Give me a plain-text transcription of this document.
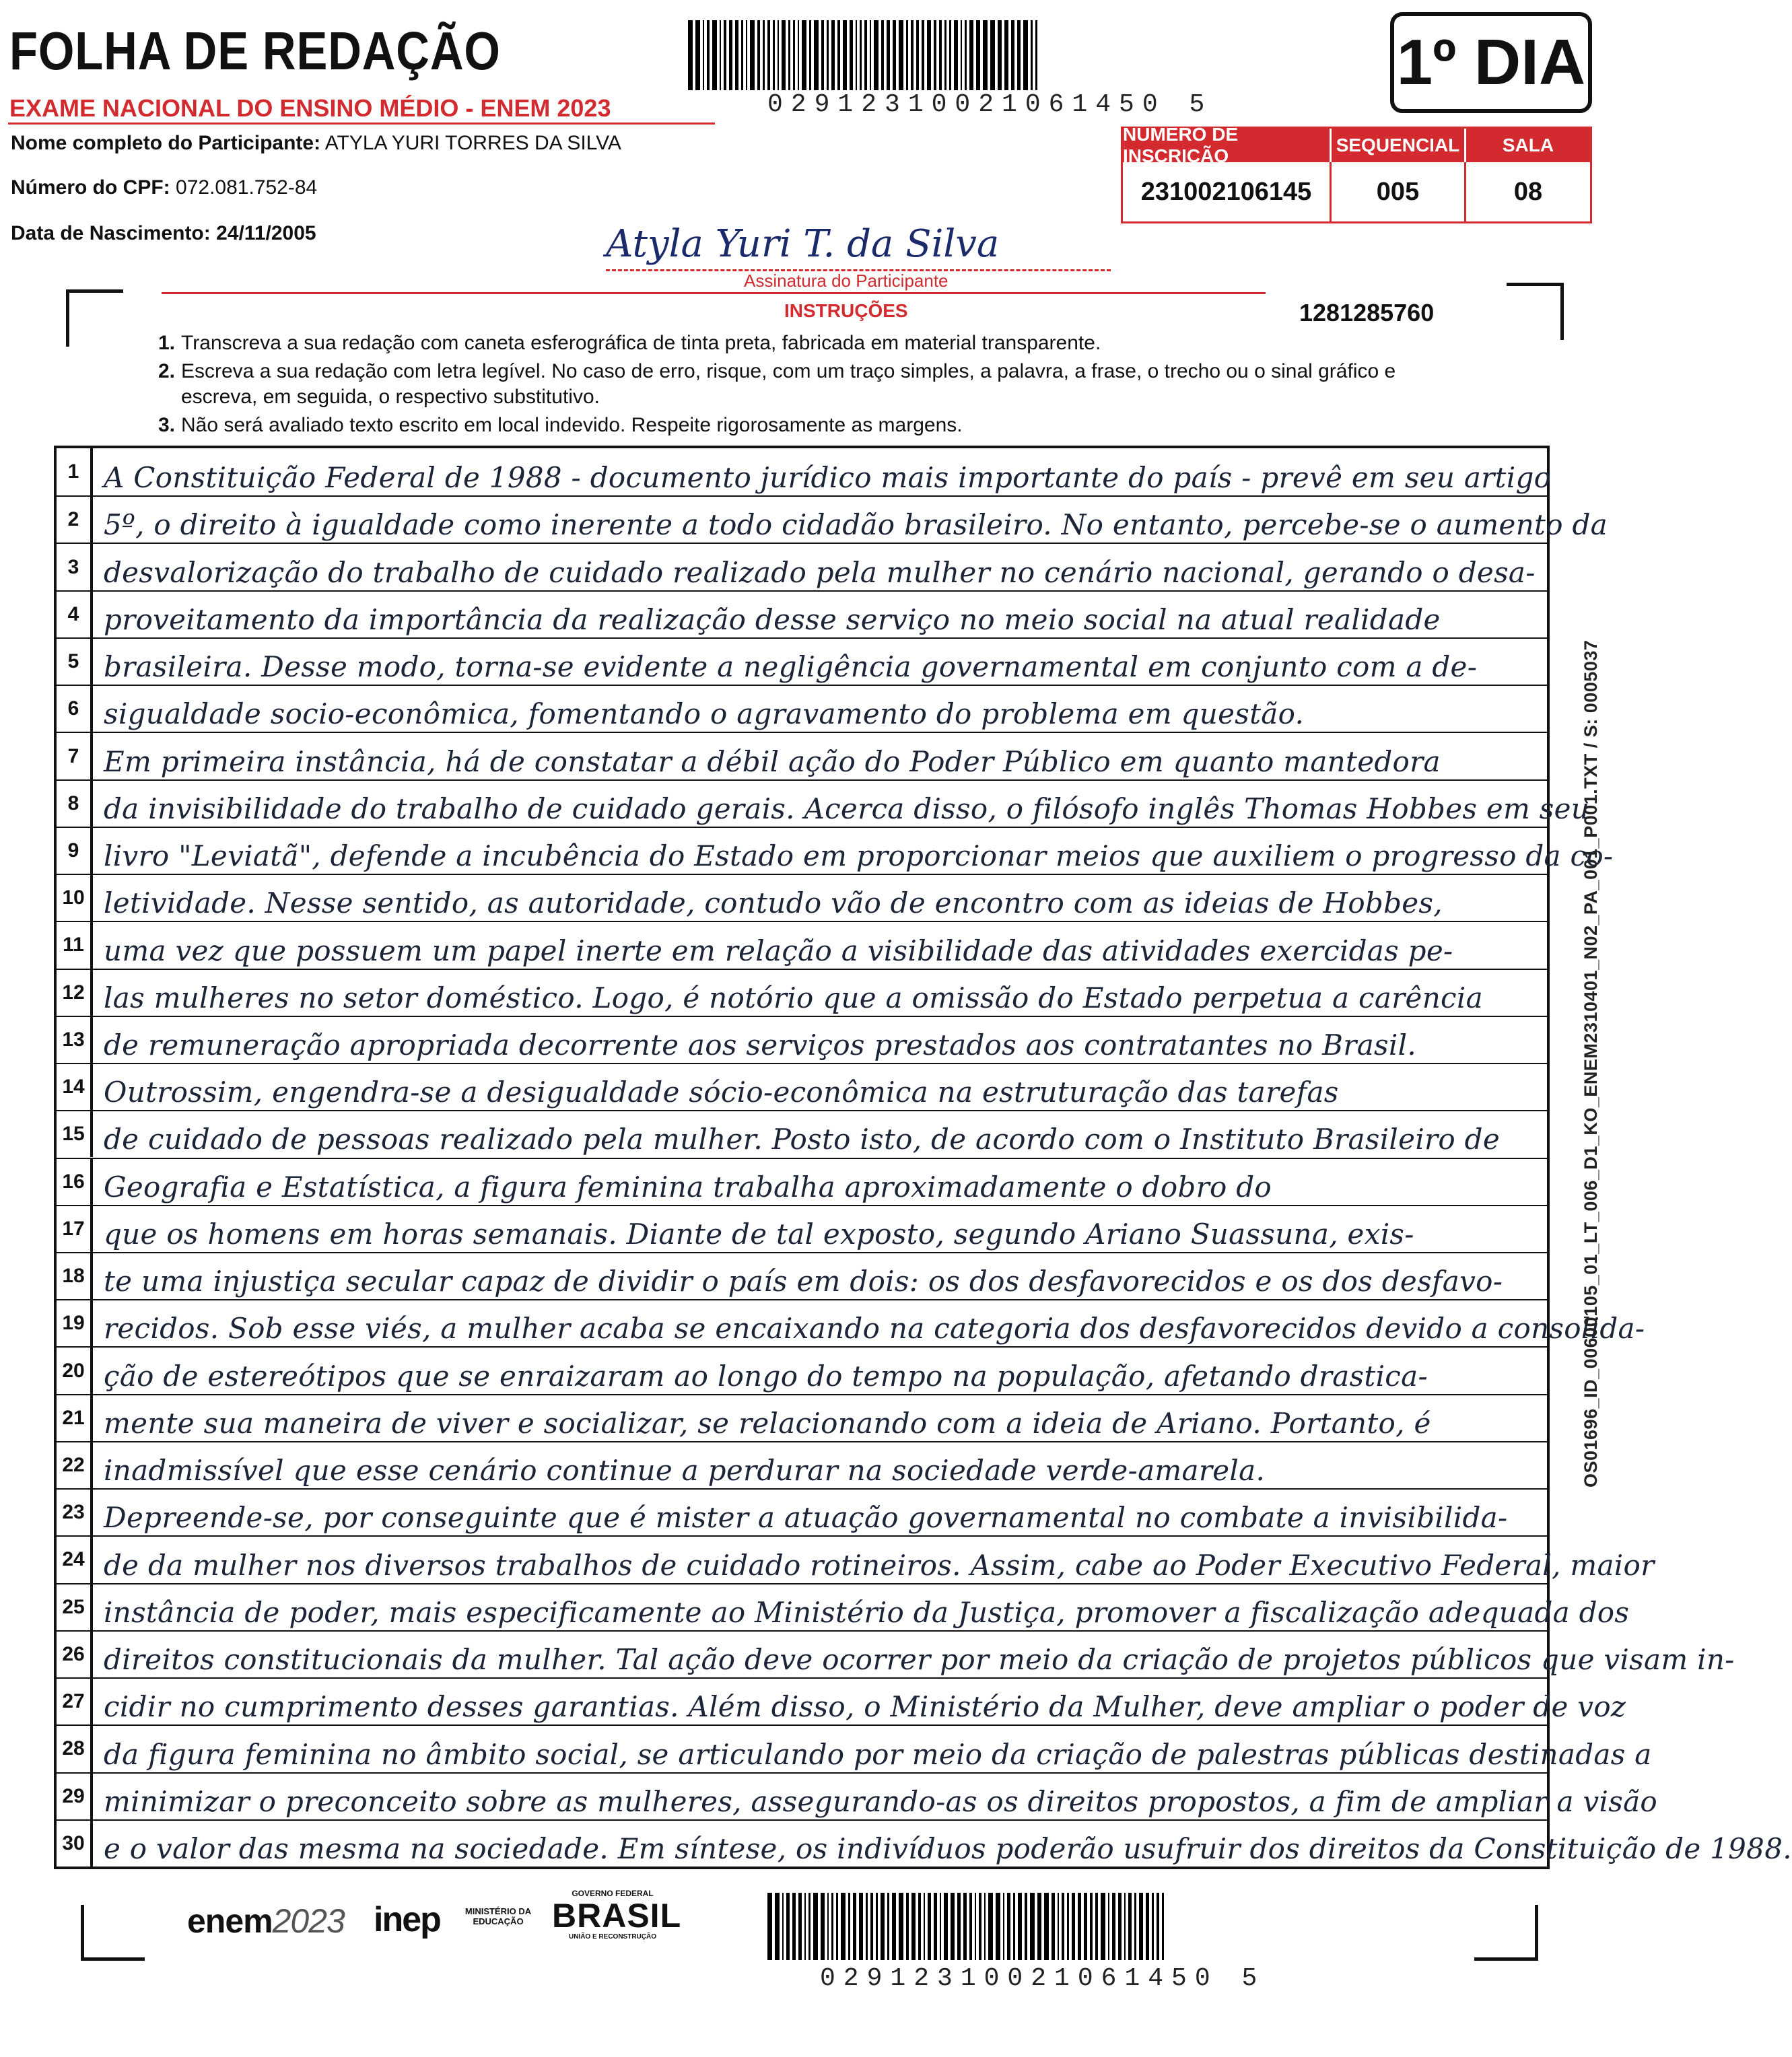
FOLHA DE REDAÇÃO
EXAME NACIONAL DO ENSINO MÉDIO - ENEM 2023
Nome completo do Participante: ATYLA YURI TORRES DA SILVA
Número do CPF: 072.081.752-84
Data de Nascimento: 24/11/2005
02912310021061450 5
1º DIA
NÚMERO DE INSCRIÇÃO
SEQUENCIAL	SALA
231002106145	005	08
Atyla Yuri T. da Silva
Assinatura do Participante
INSTRUÇÕES	1281285760
1. Transcreva a sua redação com caneta esferográfica de tinta preta, fabricada em material transparente.
2. Escreva a sua redação com letra legível. No caso de erro, risque, com um traço simples, a palavra, a frase, o trecho ou o sinal gráfico e
escreva, em seguida, o respectivo substitutivo.
3. Não será avaliado texto escrito em local indevido. Respeite rigorosamente as margens.
1 A Constituição Federal de 1988 - documento jurídico mais importante do país - prevê em seu artigo
2 5º, o direito à igualdade como inerente a todo cidadão brasileiro. No entanto, percebe-se o aumento da
3 desvalorização do trabalho de cuidado realizado pela mulher no cenário nacional, gerando o desa-
4 proveitamento da importância da realização desse serviço no meio social na atual realidade
5 brasileira. Desse modo, torna-se evidente a negligência governamental em conjunto com a de-
6 sigualdade socio-econômica, fomentando o agravamento do problema em questão.
7 Em primeira instância, há de constatar a débil ação do Poder Público em quanto mantedora
8 da invisibilidade do trabalho de cuidado gerais. Acerca disso, o filósofo inglês Thomas Hobbes em seu
9 livro "Leviatã", defende a incubência do Estado em proporcionar meios que auxiliem o progresso da co-
10 letividade. Nesse sentido, as autoridade, contudo vão de encontro com as ideias de Hobbes,
11 uma vez que possuem um papel inerte em relação a visibilidade das atividades exercidas pe-
12 las mulheres no setor doméstico. Logo, é notório que a omissão do Estado perpetua a carência
13 de remuneração apropriada decorrente aos serviços prestados aos contratantes no Brasil.
14 Outrossim, engendra-se a desigualdade sócio-econômica na estruturação das tarefas
15 de cuidado de pessoas realizado pela mulher. Posto isto, de acordo com o Instituto Brasileiro de
16 Geografia e Estatística, a figura feminina trabalha aproximadamente o dobro do
17 que os homens em horas semanais. Diante de tal exposto, segundo Ariano Suassuna, exis-
18 te uma injustiça secular capaz de dividir o país em dois: os dos desfavorecidos e os dos desfavo-
19 recidos. Sob esse viés, a mulher acaba se encaixando na categoria dos desfavorecidos devido a consolida-
20 ção de estereótipos que se enraizaram ao longo do tempo na população, afetando drastica-
21 mente sua maneira de viver e socializar, se relacionando com a ideia de Ariano. Portanto, é
22 inadmissível que esse cenário continue a perdurar na sociedade verde-amarela.
23 Depreende-se, por conseguinte que é mister a atuação governamental no combate a invisibilida-
24 de da mulher nos diversos trabalhos de cuidado rotineiros. Assim, cabe ao Poder Executivo Federal, maior
25 instância de poder, mais especificamente ao Ministério da Justiça, promover a fiscalização adequada dos
26 direitos constitucionais da mulher. Tal ação deve ocorrer por meio da criação de projetos públicos que visam in-
27 cidir no cumprimento desses garantias. Além disso, o Ministério da Mulher, deve ampliar o poder de voz
28 da figura feminina no âmbito social, se articulando por meio da criação de palestras públicas destinadas a
29 minimizar o preconceito sobre as mulheres, assegurando-as os direitos propostos, a fim de ampliar a visão
30 e o valor das mesma na sociedade. Em síntese, os indivíduos poderão usufruir dos direitos da Constituição de 1988.
OS01696_ID_00600105_01_LT_006_D1_KO_ENEM2310401_N02_PA_001_P001.TXT / S: 0005037
enem2023 inep	MINISTÉRIO DA EDUCAÇÃO
GOVERNO FEDERAL
BRASIL
UNIÃO E RECONSTRUÇÃO
02912310021061450 5
